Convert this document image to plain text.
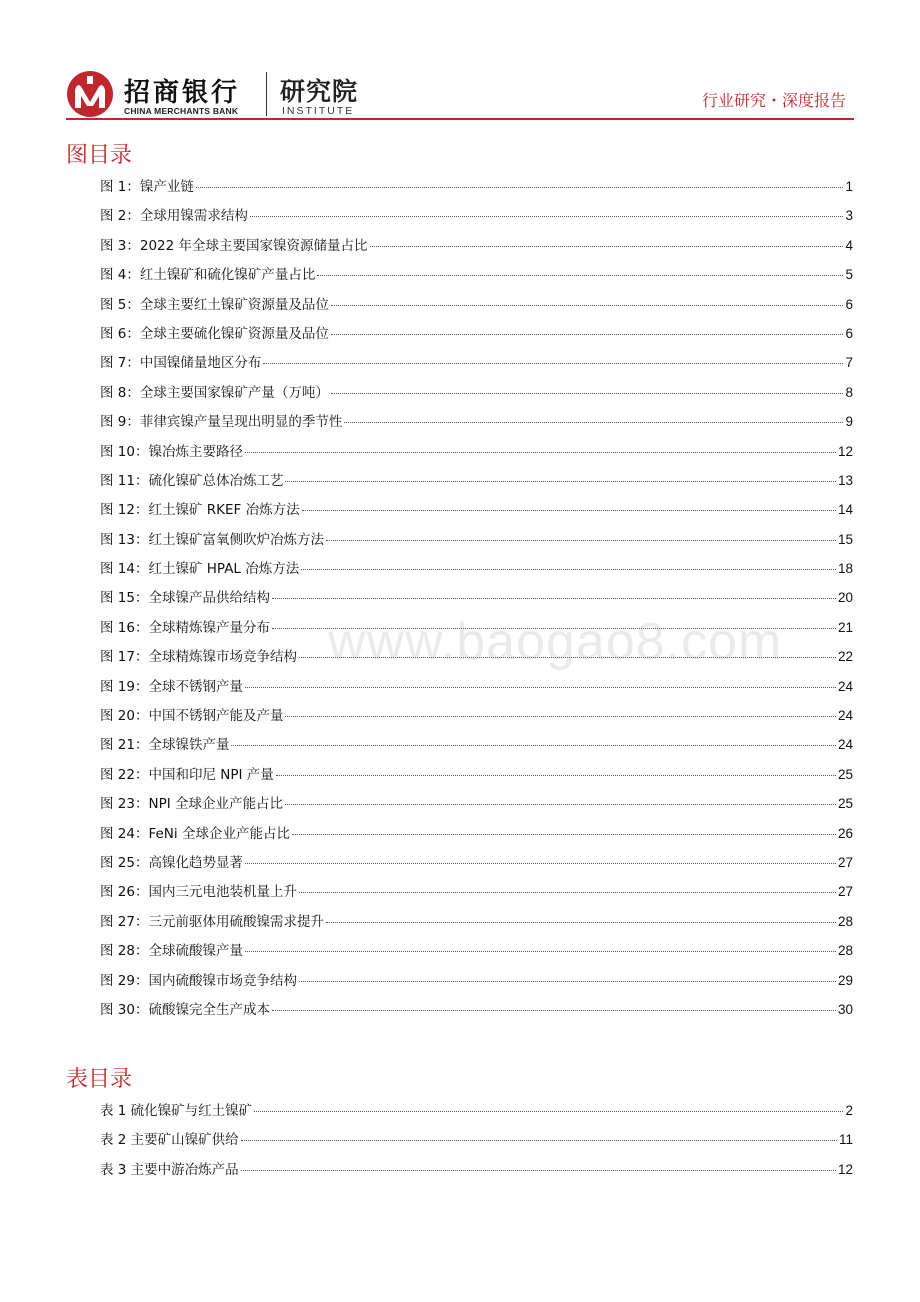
招商银行
CHINA MERCHANTS BANK
研究院
INSTITUTE
行业研究・深度报告
图目录
图 1：镍产业链	1
图 2：全球用镍需求结构	3
图 3：2022 年全球主要国家镍资源储量占比	4
图 4：红土镍矿和硫化镍矿产量占比	5
图 5：全球主要红土镍矿资源量及品位	6
图 6：全球主要硫化镍矿资源量及品位	6
图 7：中国镍储量地区分布	7
图 8：全球主要国家镍矿产量（万吨）	8
图 9：菲律宾镍产量呈现出明显的季节性	9
图 10：镍冶炼主要路径	12
图 11：硫化镍矿总体冶炼工艺	13
图 12：红土镍矿 RKEF 冶炼方法	14
图 13：红土镍矿富氧侧吹炉冶炼方法	15
图 14：红土镍矿 HPAL 冶炼方法	18
图 15：全球镍产品供给结构	20
图 16：全球精炼镍产量分布	21
图 17：全球精炼镍市场竞争结构	22
图 19：全球不锈钢产量	24
图 20：中国不锈钢产能及产量	24
图 21：全球镍铁产量	24
图 22：中国和印尼 NPI 产量	25
图 23：NPI 全球企业产能占比	25
图 24：FeNi 全球企业产能占比	26
图 25：高镍化趋势显著	27
图 26：国内三元电池装机量上升	27
图 27：三元前驱体用硫酸镍需求提升	28
图 28：全球硫酸镍产量	28
图 29：国内硫酸镍市场竞争结构	29
图 30：硫酸镍完全生产成本	30
表目录
表 1 硫化镍矿与红土镍矿	2
表 2 主要矿山镍矿供给	11
表 3 主要中游冶炼产品	12
www.baogao8.com
